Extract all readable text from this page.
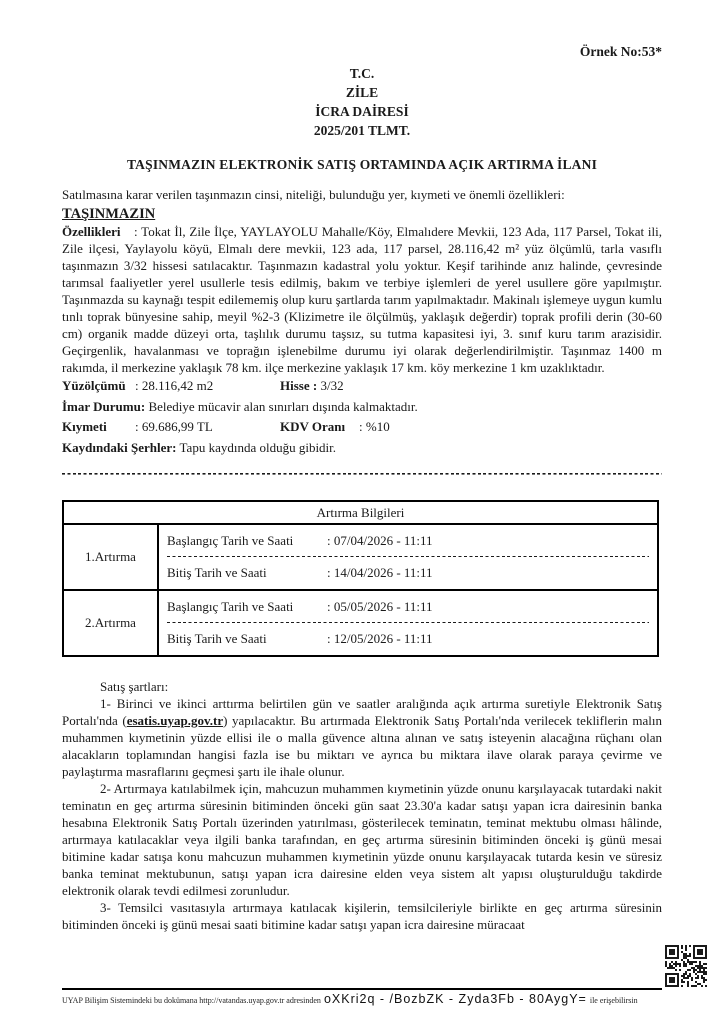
Örnek No:53*
T.C.
ZİLE
İCRA DAİRESİ
2025/201 TLMT.
TAŞINMAZIN ELEKTRONİK SATIŞ ORTAMINDA AÇIK ARTIRMA İLANI
Satılmasına karar verilen taşınmazın cinsi, niteliği, bulunduğu yer, kıymeti ve önemli özellikleri:
TAŞINMAZIN

Özellikleri : Tokat İl, Zile İlçe, YAYLAYOLU Mahalle/Köy, Elmalıdere Mevkii, 123 Ada, 117 Parsel, Tokat ili, Zile ilçesi, Yaylayolu köyü, Elmalı dere mevkii, 123 ada, 117 parsel, 28.116,42 m² yüz ölçümlü, tarla vasıflı taşınmazın 3/32 hissesi satılacaktır. Taşınmazın kadastral yolu yoktur. Keşif tarihinde anız halinde, çevresinde tarımsal faaliyetler yerel usullerle tesis edilmiş, bakım ve terbiye işlemleri de yerel usullere göre yapılmıştır. Taşınmazda su kaynağı tespit edilememiş olup kuru şartlarda tarım yapılmaktadır. Makinalı işlemeye uygun kumlu tınlı toprak bünyesine sahip, meyil %2-3 (Klizimetre ile ölçülmüş, yaklaşık değerdir) toprak profili derin (30-60 cm) organik madde düzeyi orta, taşlılık durumu taşsız, su tutma kapasitesi iyi, 3. sınıf kuru tarım arazisidir. Geçirgenlik, havalanması ve toprağın işlenebilme durumu iyi olarak değerlendirilmiştir. Taşınmaz 1400 m rakımda, il merkezine yaklaşık 78 km. ilçe merkezine yaklaşık 17 km. köy merkezine 1 km uzaklıktadır.

Yüzölçümü : 28.116,42 m2	Hisse : 3/32
İmar Durumu: Belediye mücavir alan sınırları dışında kalmaktadır.
Kıymeti : 69.686,99 TL	KDV Oranı : %10
Kaydındaki Şerhler: Tapu kaydında olduğu gibidir.
Artırma Bilgileri	
1.Artırma	Başlangıç Tarih ve Saati : 07/04/2026 - 11:11
Bitiş Tarih ve Saati : 14/04/2026 - 11:11

2.Artırma	Başlangıç Tarih ve Saati : 05/05/2026 - 11:11
Bitiş Tarih ve Saati : 12/05/2026 - 11:11
Satış şartları:

1- Birinci ve ikinci arttırma belirtilen gün ve saatler aralığında açık artırma suretiyle Elektronik Satış Portalı'nda (esatis.uyap.gov.tr) yapılacaktır. Bu artırmada Elektronik Satış Portalı'nda verilecek tekliflerin malın muhammen kıymetinin yüzde ellisi ile o malla güvence altına alınan ve satış isteyenin alacağına rüçhanı olan alacakların toplamından hangisi fazla ise bu miktarı ve ayrıca bu miktara ilave olarak paraya çevirme ve paylaştırma masraflarını geçmesi şartı ile ihale olunur.

2- Artırmaya katılabilmek için, mahcuzun muhammen kıymetinin yüzde onunu karşılayacak tutardaki nakit teminatın en geç artırma süresinin bitiminden önceki gün saat 23.30'a kadar satışı yapan icra dairesinin banka hesabına Elektronik Satış Portalı üzerinden yatırılması, gösterilecek teminatın, teminat mektubu olması hâlinde, artırmaya katılacaklar veya ilgili banka tarafından, en geç artırma süresinin bitiminden önceki iş günü mesai bitimine kadar satışa konu mahcuzun muhammen kıymetinin yüzde onunu karşılayacak tutarda kesin ve süresiz banka teminat mektubunun, satışı yapan icra dairesine elden veya sistem alt yapısı oluşturulduğu takdirde elektronik olarak tevdi edilmesi zorunludur.

3- Temsilci vasıtasıyla artırmaya katılacak kişilerin, temsilcileriyle birlikte en geç artırma süresinin bitiminden önceki iş günü mesai saati bitimine kadar satışı yapan icra dairesine müracaat

UYAP Bilişim Sistemindeki bu dokümana http://vatandas.uyap.gov.tr adresinden oXKri2q - /BozbZK - Zyda3Fb - 80AygY= ile erişebilirsin
